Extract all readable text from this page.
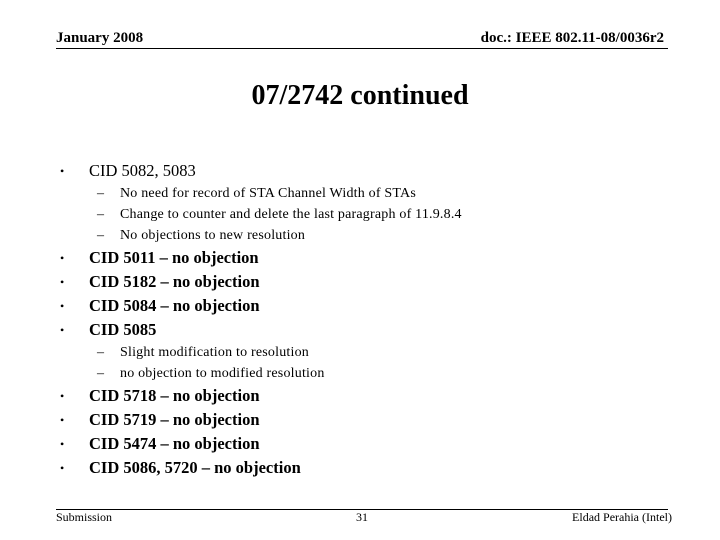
January 2008	doc.: IEEE 802.11-08/0036r2
07/2742 continued
• CID 5082, 5083
– No need for record of STA Channel Width of STAs
– Change to counter and delete the last paragraph of 11.9.8.4
– No objections to new resolution
• CID 5011 – no objection
• CID 5182 – no objection
• CID 5084 – no objection
• CID 5085
– Slight modification to resolution
– no objection to modified resolution
• CID 5718 – no objection
• CID 5719 – no objection
• CID 5474 – no objection
• CID 5086, 5720 – no objection
Submission	31	Eldad Perahia (Intel)
